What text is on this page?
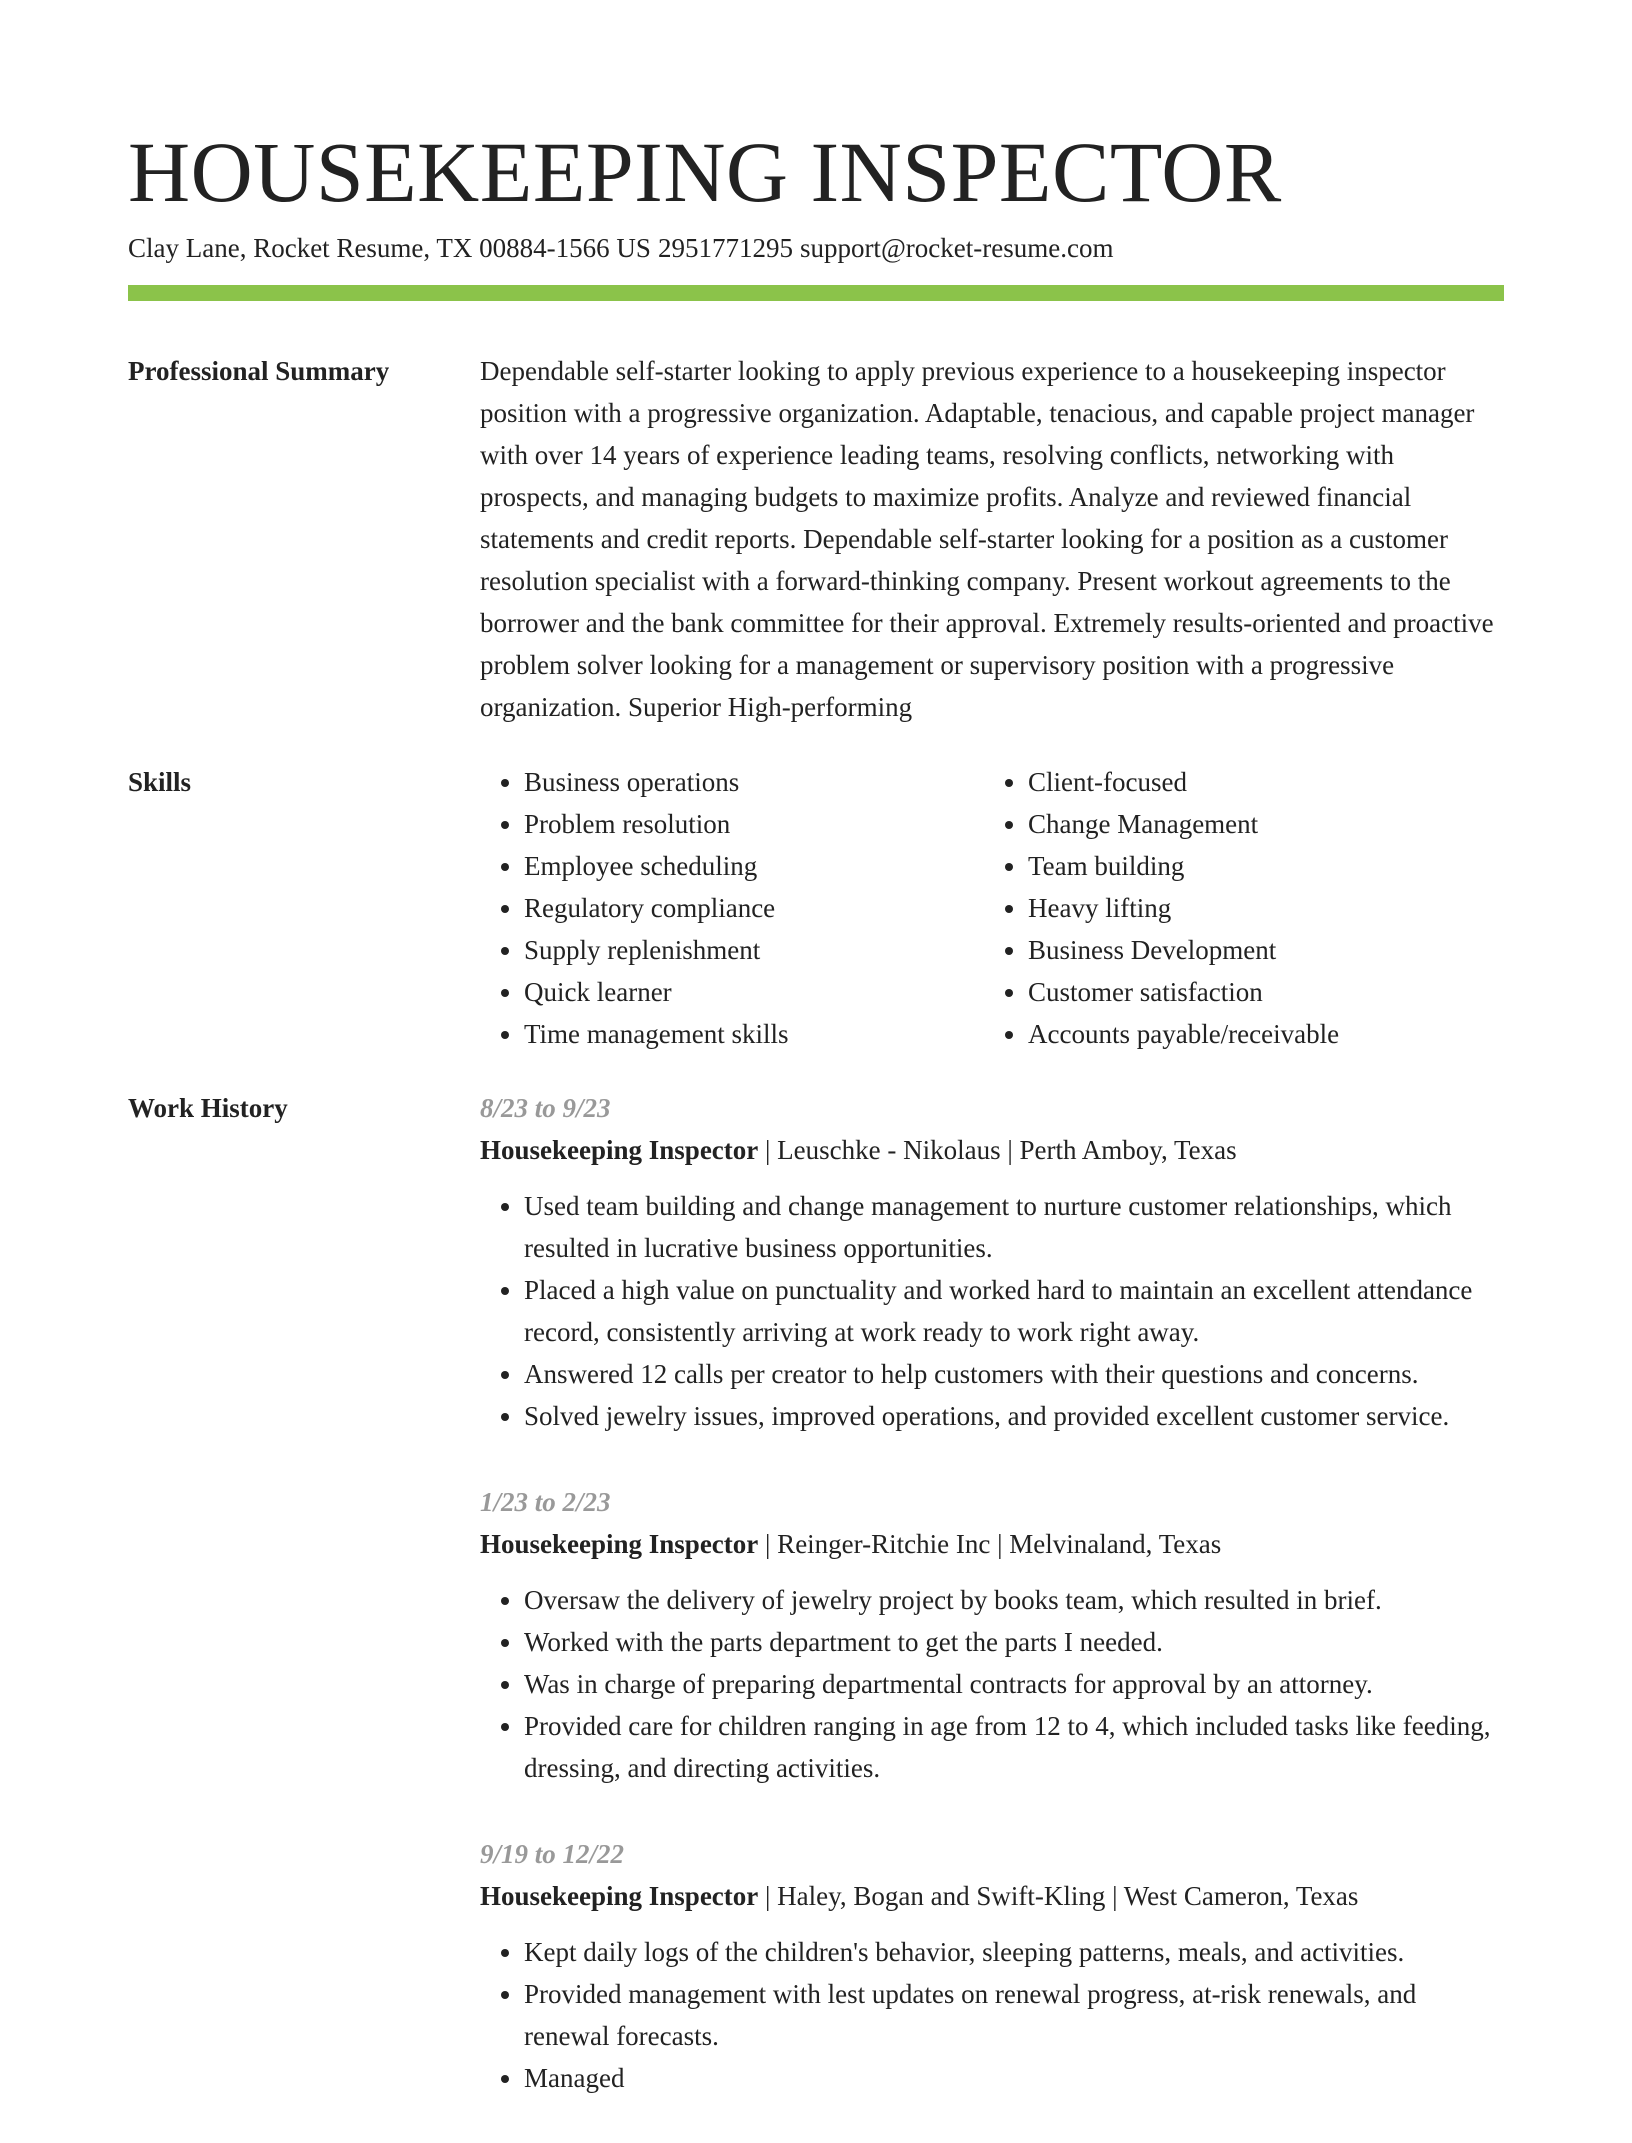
HOUSEKEEPING INSPECTOR
Clay Lane, Rocket Resume, TX 00884-1566 US 2951771295 support@rocket-resume.com
Professional Summary	Dependable self-starter looking to apply previous experience to a housekeeping inspector position with a progressive organization. Adaptable, tenacious, and capable project manager with over 14 years of experience leading teams, resolving conflicts, networking with prospects, and managing budgets to maximize profits. Analyze and reviewed financial statements and credit reports. Dependable self-starter looking for a position as a customer resolution specialist with a forward-thinking company. Present workout agreements to the borrower and the bank committee for their approval. Extremely results-oriented and proactive problem solver looking for a management or supervisory position with a progressive organization. Superior High-performing

Skills
•	Business operations
• Problem resolution
• Employee scheduling
• Regulatory compliance
• Supply replenishment
• Quick learner
• Time management skills
• Client-focused
• Change Management
• Team building
• Heavy lifting
• Business Development
• Customer satisfaction
• Accounts payable/receivable
Work History	8/23 to 9/23
Housekeeping Inspector | Leuschke - Nikolaus | Perth Amboy, Texas
• Used team building and change management to nurture customer relationships, which resulted in lucrative business opportunities.
• Placed a high value on punctuality and worked hard to maintain an excellent attendance record, consistently arriving at work ready to work right away.
• Answered 12 calls per creator to help customers with their questions and concerns.
• Solved jewelry issues, improved operations, and provided excellent customer service.
1/23 to 2/23
Housekeeping Inspector | Reinger-Ritchie Inc | Melvinaland, Texas
• Oversaw the delivery of jewelry project by books team, which resulted in brief.
• Worked with the parts department to get the parts I needed.
• Was in charge of preparing departmental contracts for approval by an attorney.
• Provided care for children ranging in age from 12 to 4, which included tasks like feeding, dressing, and directing activities.
9/19 to 12/22
Housekeeping Inspector | Haley, Bogan and Swift-Kling | West Cameron, Texas
• Kept daily logs of the children's behavior, sleeping patterns, meals, and activities.
• Provided management with lest updates on renewal progress, at-risk renewals, and renewal forecasts.
• Managed
